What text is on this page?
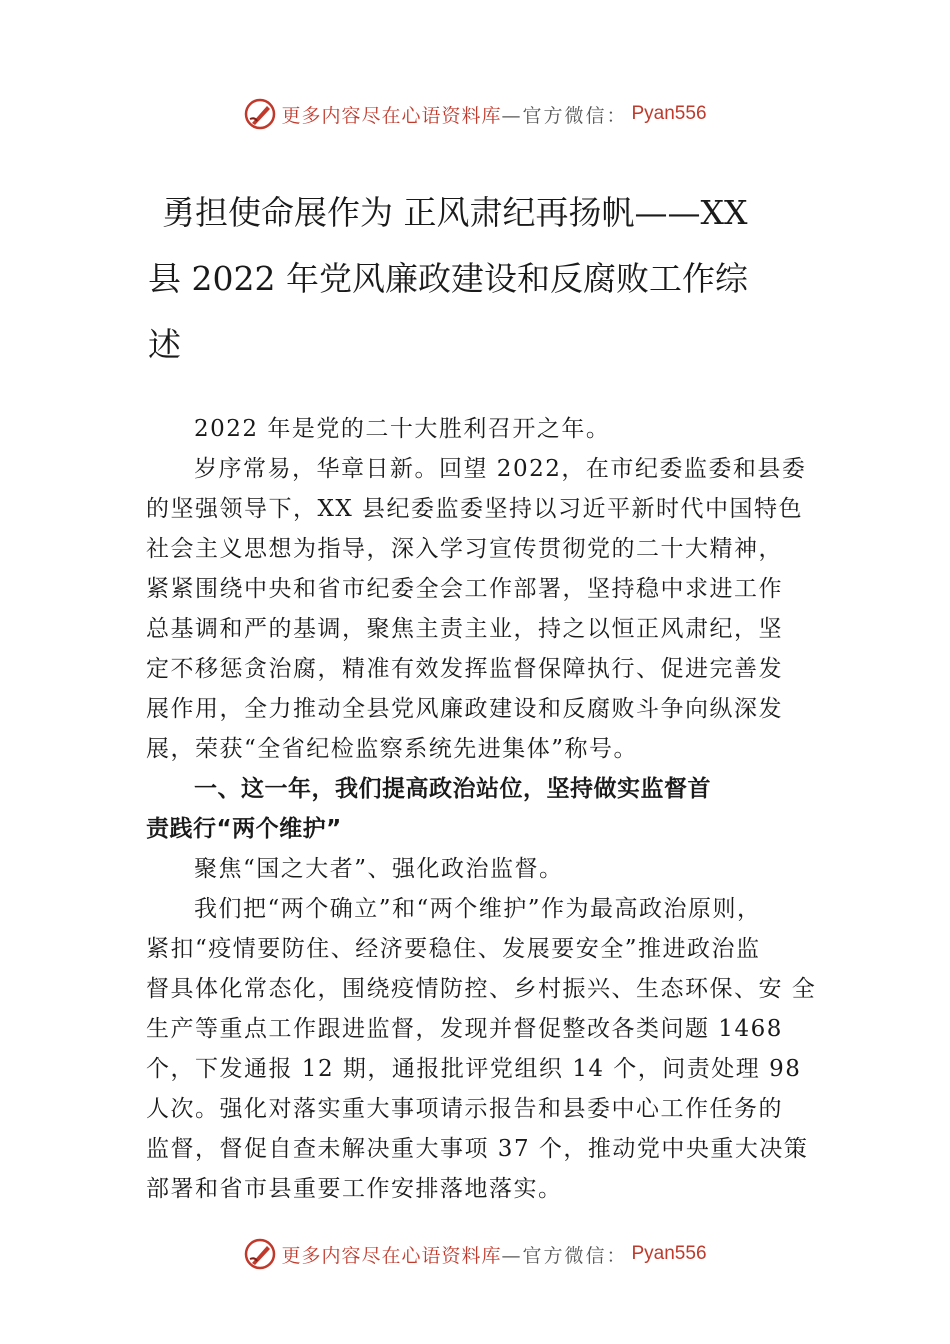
更多内容尽在心语资料库 —官方微信： Pyan556
勇担使命展作为 正风肃纪再扬帆——XX
县 2022 年党风廉政建设和反腐败工作综
述
2022 年是党的二十大胜利召开之年。
岁序常易，华章日新。回望 2022，在市纪委监委和县委
的坚强领导下，XX 县纪委监委坚持以习近平新时代中国特色
社会主义思想为指导，深入学习宣传贯彻党的二十大精神，
紧紧围绕中央和省市纪委全会工作部署，坚持稳中求进工作
总基调和严的基调，聚焦主责主业，持之以恒正风肃纪，坚
定不移惩贪治腐，精准有效发挥监督保障执行、促进完善发
展作用，全力推动全县党风廉政建设和反腐败斗争向纵深发
展，荣获“全省纪检监察系统先进集体”称号。
一、这一年，我们提高政治站位，坚持做实监督首
责践行“两个维护”
聚焦“国之大者”、强化政治监督。
我们把“两个确立”和“两个维护”作为最高政治原则，
紧扣“疫情要防住、经济要稳住、发展要安全”推进政治监
督具体化常态化，围绕疫情防控、乡村振兴、生态环保、安 全
生产等重点工作跟进监督，发现并督促整改各类问题 1468
个，下发通报 12 期，通报批评党组织 14 个，问责处理 98
人次。强化对落实重大事项请示报告和县委中心工作任务的
监督，督促自查未解决重大事项 37 个，推动党中央重大决策
部署和省市县重要工作安排落地落实。
更多内容尽在心语资料库 —官方微信： Pyan556
